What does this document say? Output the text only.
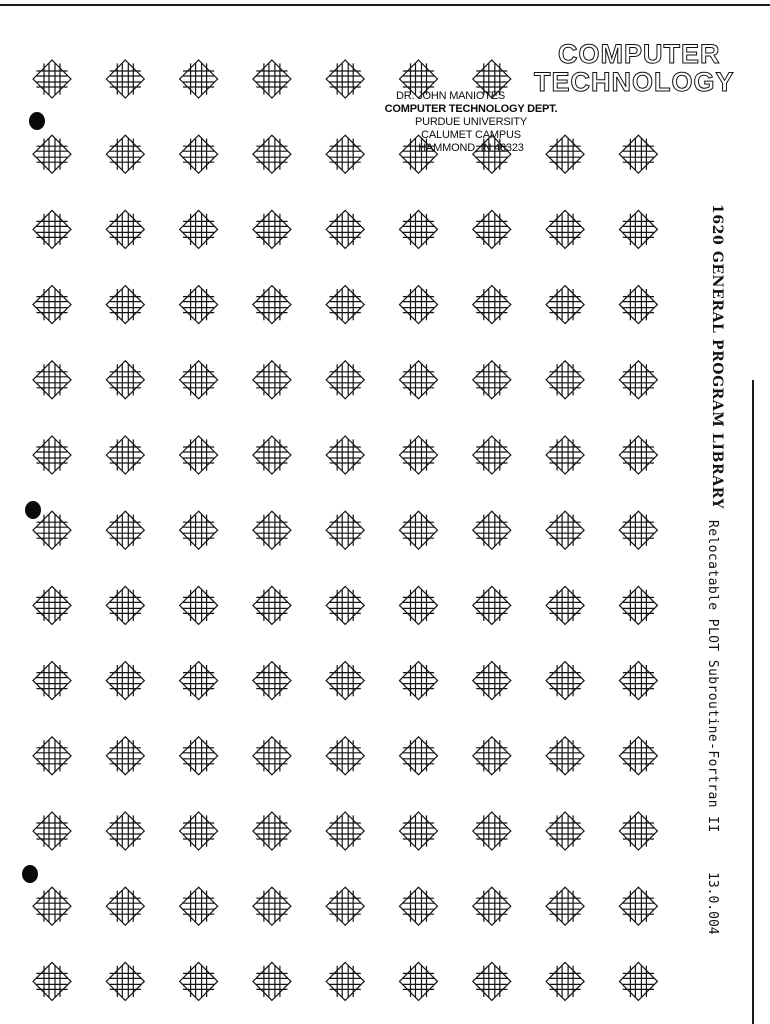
COMPUTER
TECHNOLOGY
DR. JOHN MANIOTES
COMPUTER TECHNOLOGY DEPT.
PURDUE UNIVERSITY
CALUMET CAMPUS
HAMMOND, IN 46323
1620 GENERAL PROGRAM LIBRARY
Relocatable PLOT Subroutine-Fortran II
13.0.004
